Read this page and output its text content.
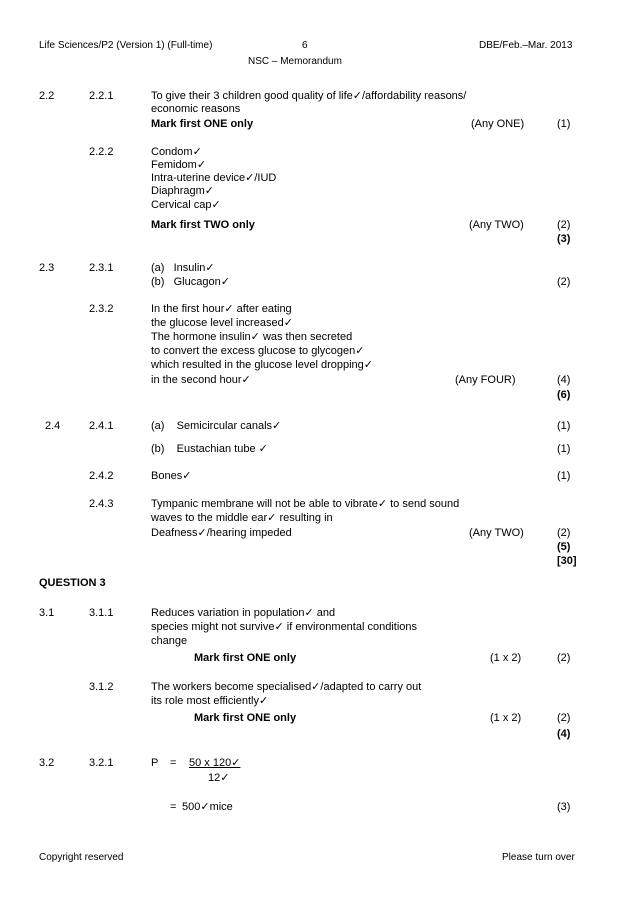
Life Sciences/P2 (Version 1) (Full-time)	6	DBE/Feb.–Mar. 2013
NSC – Memorandum
2.2	2.2.1	To give their 3 children good quality of life✓/affordability reasons/
economic reasons
Mark first ONE only	(Any ONE)	(1)
2.2.2	Condom✓
Femidom✓
Intra-uterine device✓/IUD
Diaphragm✓
Cervical cap✓
Mark first TWO only	(Any TWO)	(2)
(3)
2.3	2.3.1	(a)   Insulin✓
(b)   Glucagon✓	(2)
2.3.2	In the first hour✓ after eating
the glucose level increased✓
The hormone insulin✓ was then secreted
to convert the excess glucose to glycogen✓
which resulted in the glucose level dropping✓
in the second hour✓	(Any FOUR)	(4)
(6)
2.4	2.4.1	(a)    Semicircular canals✓	(1)
(b)    Eustachian tube ✓	(1)
2.4.2	Bones✓	(1)
2.4.3	Tympanic membrane will not be able to vibrate✓ to send sound
waves to the middle ear✓ resulting in
Deafness✓/hearing impeded	(Any TWO)	(2)
(5)
[30]
QUESTION 3
3.1	3.1.1	Reduces variation in population✓ and
species might not survive✓ if environmental conditions
change
Mark first ONE only	(1 x 2)	(2)
3.1.2	The workers become specialised✓/adapted to carry out
its role most efficiently✓
Mark first ONE only	(1 x 2)	(2)
(4)
3.2	3.2.1	P = 50 x 120✓
12✓
= 500✓mice	(3)
Copyright reserved	Please turn over
